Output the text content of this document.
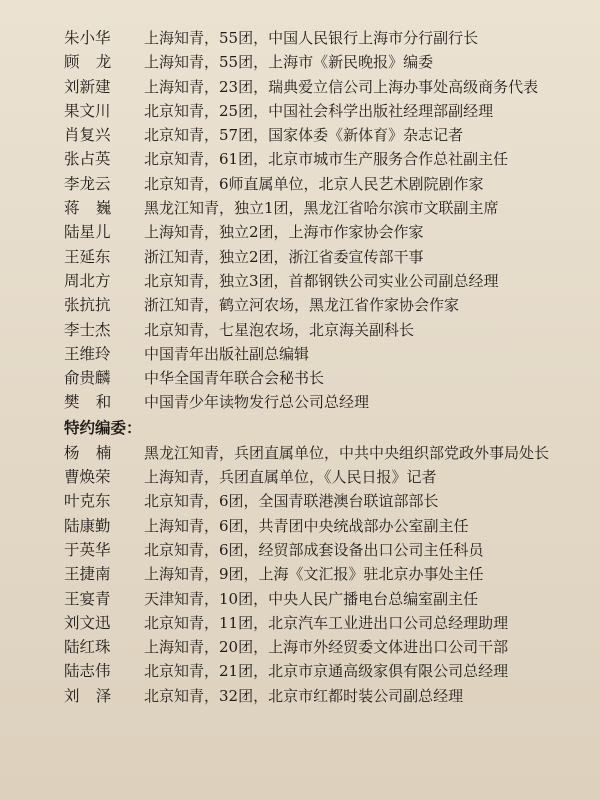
朱小华	上海知青，55团，中国人民银行上海市分行副行长
顾龙	上海知青，55团，上海市《新民晚报》编委
刘新建	上海知青，23团，瑞典爱立信公司上海办事处高级商务代表
果文川	北京知青，25团，中国社会科学出版社经理部副经理
肖复兴	北京知青，57团，国家体委《新体育》杂志记者
张占英	北京知青，61团，北京市城市生产服务合作总社副主任
李龙云	北京知青，6师直属单位，北京人民艺术剧院剧作家
蒋巍	黑龙江知青，独立1团，黑龙江省哈尔滨市文联副主席
陆星儿	上海知青，独立2团，上海市作家协会作家
王延东	浙江知青，独立2团，浙江省委宣传部干事
周北方	北京知青，独立3团，首都钢铁公司实业公司副总经理
张抗抗	浙江知青，鹤立河农场，黑龙江省作家协会作家
李士杰	北京知青，七星泡农场，北京海关副科长
王维玲	中国青年出版社副总编辑
俞贵麟	中华全国青年联合会秘书长
樊和	中国青少年读物发行总公司总经理
特约编委：
杨楠	黑龙江知青，兵团直属单位，中共中央组织部党政外事局处长
曹焕荣	上海知青，兵团直属单位，《人民日报》记者
叶克东	北京知青，6团，全国青联港澳台联谊部部长
陆康勤	上海知青，6团，共青团中央统战部办公室副主任
于英华	北京知青，6团，经贸部成套设备出口公司主任科员
王捷南	上海知青，9团，上海《文汇报》驻北京办事处主任
王宴青	天津知青，10团，中央人民广播电台总编室副主任
刘文迅	北京知青，11团，北京汽车工业进出口公司总经理助理
陆红珠	上海知青，20团，上海市外经贸委文体进出口公司干部
陆志伟	北京知青，21团，北京市京通高级家俱有限公司总经理
刘泽	北京知青，32团，北京市红都时装公司副总经理
